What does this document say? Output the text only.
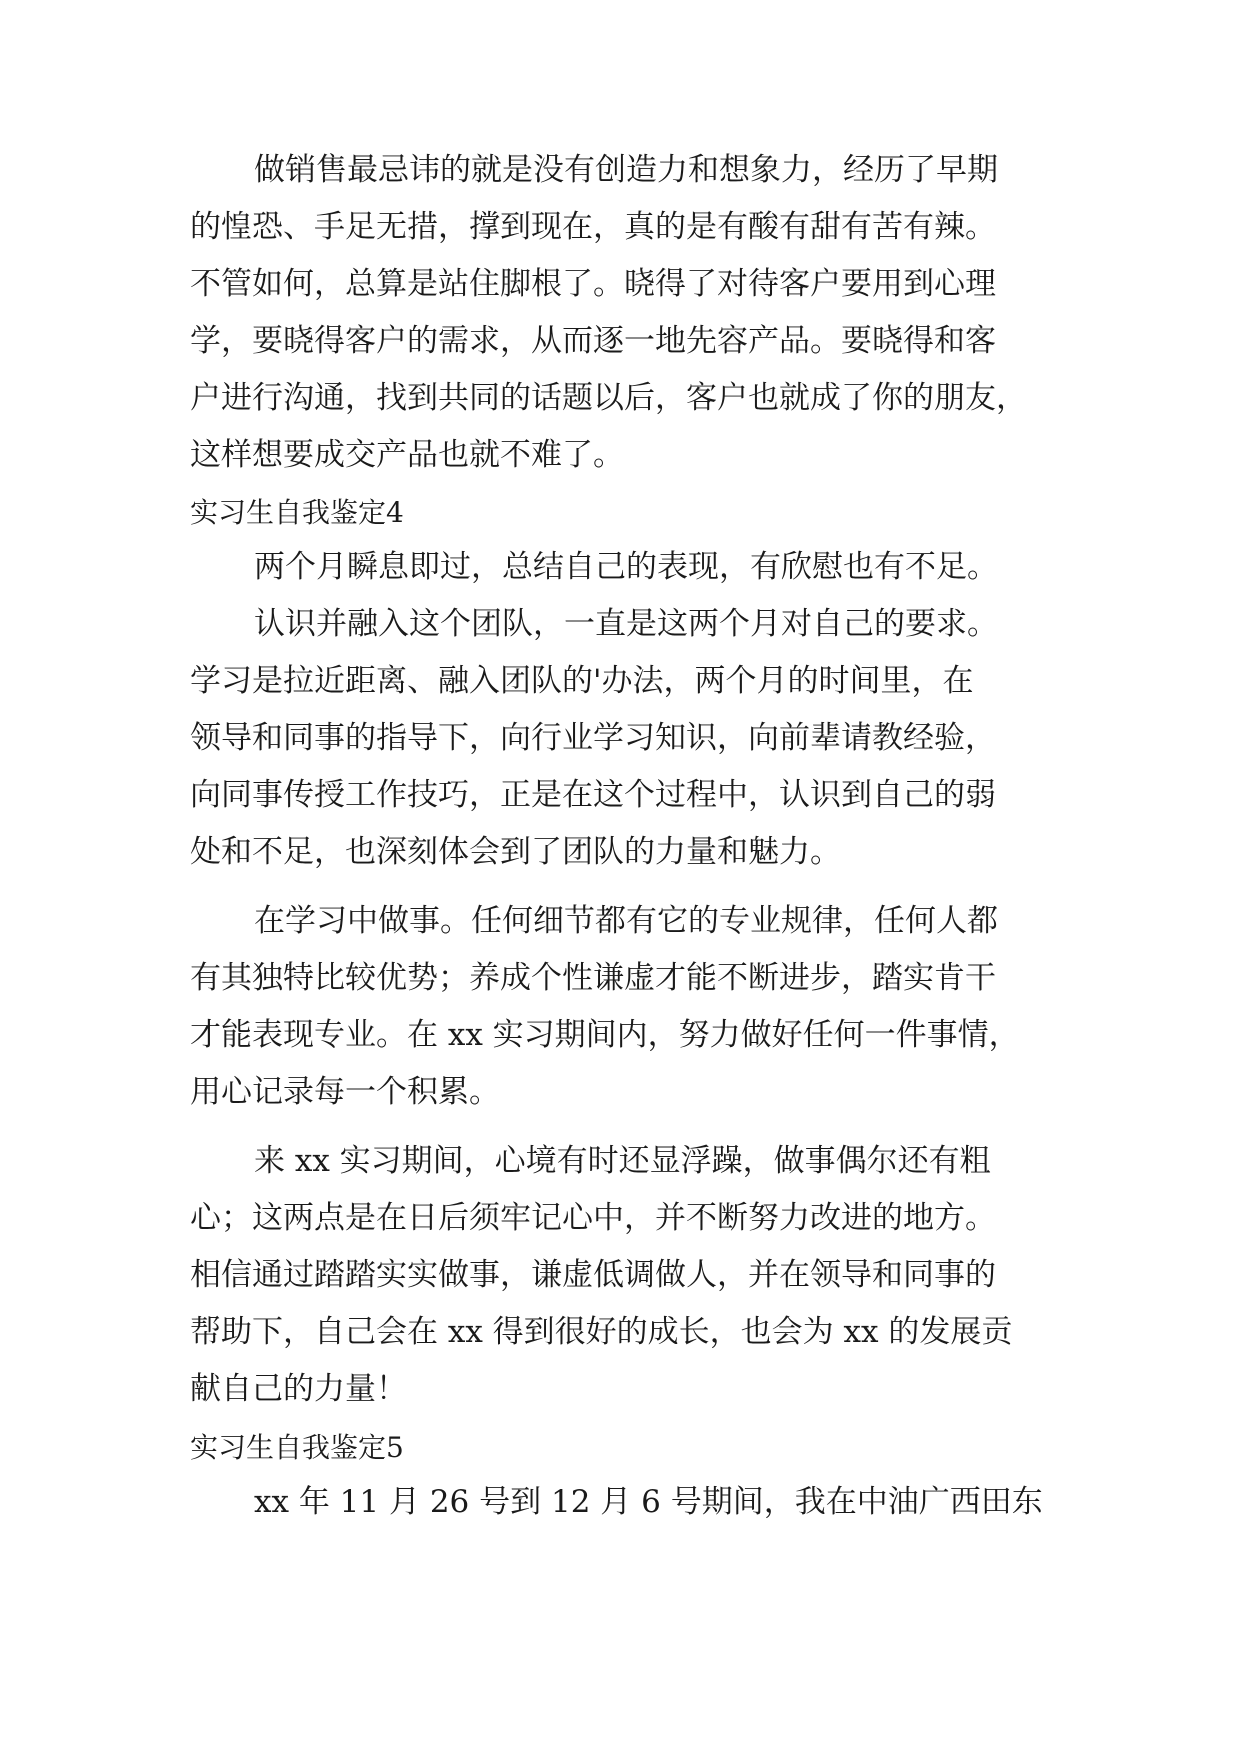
做销售最忌讳的就是没有创造力和想象力，经历了早期
的惶恐、手足无措，撑到现在，真的是有酸有甜有苦有辣。
不管如何，总算是站住脚根了。晓得了对待客户要用到心理
学，要晓得客户的需求，从而逐一地先容产品。要晓得和客
户进行沟通，找到共同的话题以后，客户也就成了你的朋友，
这样想要成交产品也就不难了。
实习生自我鉴定4
两个月瞬息即过，总结自己的表现，有欣慰也有不足。
认识并融入这个团队，一直是这两个月对自己的要求。
学习是拉近距离、融入团队的'办法，两个月的时间里，在
领导和同事的指导下，向行业学习知识，向前辈请教经验，
向同事传授工作技巧，正是在这个过程中，认识到自己的弱
处和不足，也深刻体会到了团队的力量和魅力。
在学习中做事。任何细节都有它的专业规律，任何人都
有其独特比较优势；养成个性谦虚才能不断进步，踏实肯干
才能表现专业。在 xx 实习期间内，努力做好任何一件事情，
用心记录每一个积累。
来 xx 实习期间，心境有时还显浮躁，做事偶尔还有粗
心；这两点是在日后须牢记心中，并不断努力改进的地方。
相信通过踏踏实实做事，谦虚低调做人，并在领导和同事的
帮助下，自己会在 xx 得到很好的成长，也会为 xx 的发展贡
献自己的力量！
实习生自我鉴定5
xx 年 11 月 26 号到 12 月 6 号期间，我在中油广西田东
